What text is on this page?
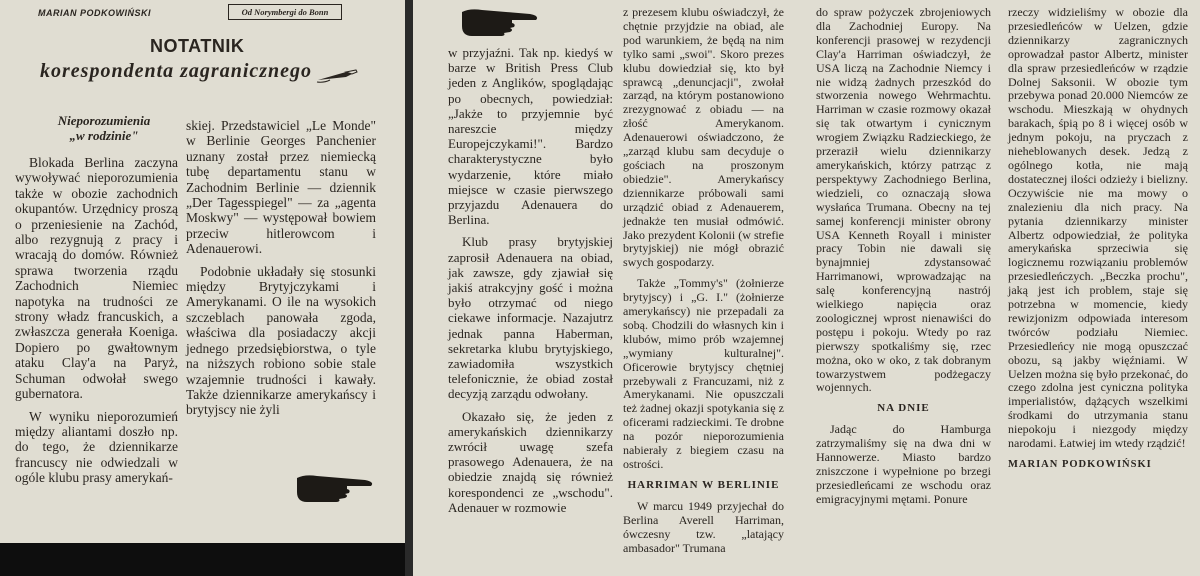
MARIAN PODKOWIŃSKI	Od Norymbergi do Bonn
NOTATNIK
korespondenta zagranicznego
Nieporozumienia
„w rodzinie"

Blokada Berlina zaczyna wywoływać nieporozumienia także w obozie zachodnich okupantów. Urzędnicy proszą o przeniesienie na Zachód, albo rezygnują z pracy i wracają do domów. Również sprawa tworzenia rządu Zachodnich Niemiec napotyka na trudności ze strony władz francuskich, a zwłaszcza generała Koeniga. Dopiero po gwałtownym ataku Clay'a na Paryż, Schuman odwołał swego gubernatora.

W wyniku nieporozumień między aliantami doszło np. do tego, że dziennikarze francuscy nie odwiedzali w ogóle klubu prasy amerykań-

skiej. Przedstawiciel „Le Monde" w Berlinie Georges Panchenier uznany został przez niemiecką tubę departamentu stanu w Zachodnim Berlinie — dziennik „Der Tagesspiegel" — za „agenta Moskwy" — występował bowiem przeciw hitlerowcom i Adenauerowi.

Podobnie układały się stosunki między Brytyjczykami i Amerykanami. O ile na wysokich szczeblach panowała zgoda, właściwa dla posiadaczy akcji jednego przedsiębiorstwa, o tyle na niższych robiono sobie stale wzajemnie trudności i kawały. Także dziennikarze amerykańscy i brytyjscy nie żyli

w przyjaźni. Tak np. kiedyś w barze w British Press Club jeden z Anglików, spoglądając po obecnych, powiedział: „Jakże to przyjemnie być nareszcie między Europejczykami!". Bardzo charakterystyczne było wydarzenie, które miało miejsce w czasie pierwszego przyjazdu Adenauera do Berlina.

Klub prasy brytyjskiej zaprosił Adenauera na obiad, jak zawsze, gdy zjawiał się jakiś atrakcyjny gość i można było otrzymać od niego ciekawe informacje. Nazajutrz jednak panna Haberman, sekretarka klubu brytyjskiego, zawiadomiła wszystkich telefonicznie, że obiad został decyzją zarządu odwołany.

Okazało się, że jeden z amerykańskich dziennikarzy zwrócił uwagę szefa prasowego Adenauera, że na obiedzie znajdą się również korespondenci ze „wschodu". Adenauer w rozmowie

z prezesem klubu oświadczył, że chętnie przyjdzie na obiad, ale pod warunkiem, że będą na nim tylko sami „swoi". Skoro prezes klubu dowiedział się, kto był sprawcą „denuncjacji", zwołał zarząd, na którym postanowiono zrezygnować z obiadu — na złość Amerykanom. Adenauerowi oświadczono, że „zarząd klubu sam decyduje o gościach na proszonym obiedzie". Amerykańscy dziennikarze próbowali sami urządzić obiad z Adenauerem, jednakże ten musiał odmówić. Jako prezydent Kolonii (w strefie brytyjskiej) nie mógł obrazić swych gospodarzy.

Także „Tommy's" (żołnierze brytyjscy) i „G. I." (żołnierze amerykańscy) nie przepadali za sobą. Chodzili do własnych kin i klubów, mimo prób wzajemnej „wymiany kulturalnej". Oficerowie brytyjscy chętniej przebywali z Francuzami, niż z Amerykanami. Nie opuszczali też żadnej okazji spotykania się z oficerami radzieckimi. Te drobne na pozór nieporozumienia nabierały z biegiem czasu na ostrości.

HARRIMAN W BERLINIE

W marcu 1949 przyjechał do Berlina Averell Harriman, ówczesny tzw. „latający ambasador" Trumana

do spraw pożyczek zbrojeniowych dla Zachodniej Europy. Na konferencji prasowej w rezydencji Clay'a Harriman oświadczył, że USA liczą na Zachodnie Niemcy i nie widzą żadnych przeszkód do stworzenia nowego Wehrmachtu. Harriman w czasie rozmowy okazał się tak otwartym i cynicznym wrogiem Związku Radzieckiego, że przeraził wielu dziennikarzy amerykańskich, którzy patrząc z perspektywy Zachodniego Berlina, wiedzieli, co oznaczają słowa wysłańca Trumana. Obecny na tej samej konferencji minister obrony USA Kenneth Royall i minister pracy Tobin nie dawali się bynajmniej zdystansować Harrimanowi, wprowadzając na salę konferencyjną nastrój wielkiego napięcia oraz zoologicznej wprost nienawiści do postępu i pokoju. Wtedy po raz pierwszy spotkaliśmy się, rzec można, oko w oko, z tak dobranym towarzystwem podżegaczy wojennych.

NA DNIE

Jadąc do Hamburga zatrzymaliśmy się na dwa dni w Hannowerze. Miasto bardzo zniszczone i wypełnione po brzegi przesiedleńcami ze wschodu oraz emigracyjnymi mętami. Ponure

rzeczy widzieliśmy w obozie dla przesiedleńców w Uelzen, gdzie dziennikarzy zagranicznych oprowadzał pastor Albertz, minister dla spraw przesiedleńców w rządzie Dolnej Saksonii. W obozie tym przebywa ponad 20.000 Niemców ze wschodu. Mieszkają w ohydnych barakach, śpią po 8 i więcej osób w jednym pokoju, na pryczach z nieheblowanych desek. Jedzą z ogólnego kotła, nie mają dostatecznej ilości odzieży i bielizny. Oczywiście nie ma mowy o znalezieniu dla nich pracy. Na pytania dziennikarzy minister Albertz odpowiedział, że polityka amerykańska sprzeciwia się logicznemu rozwiązaniu problemów przesiedleńczych. „Beczka prochu", jaką jest ich problem, staje się potrzebna w momencie, kiedy rewizjonizm odpowiada interesom twórców podziału Niemiec. Przesiedleńcy nie mogą opuszczać obozu, są jakby więźniami. W Uelzen można się było przekonać, do czego zdolna jest cyniczna polityka imperialistów, dążących wszelkimi środkami do utrzymania stanu niepokoju i niezgody między narodami. Łatwiej im wtedy rządzić!

MARIAN PODKOWIŃSKI
